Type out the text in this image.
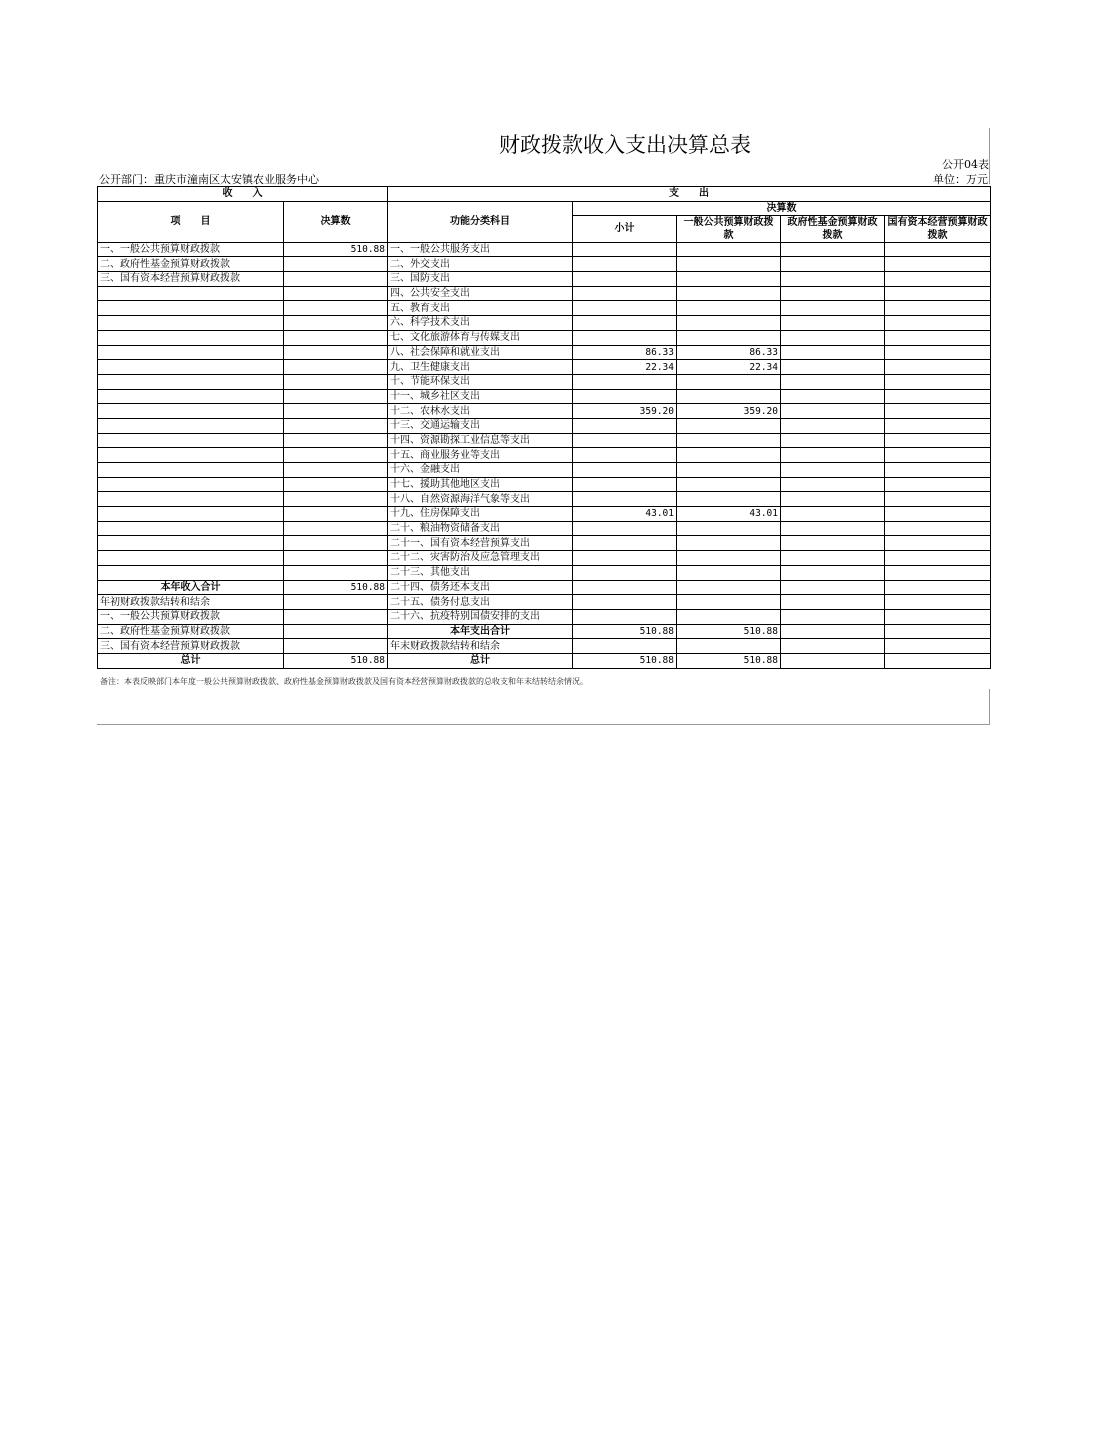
财政拨款收入支出决算总表
公开04表
公开部门：重庆市潼南区太安镇农业服务中心	单位：万元
收　　入		支　　出				
项　　目	决算数	功能分类科目	决算数			
			小计	一般公共预算财政拨款	政府性基金预算财政拨款	国有资本经营预算财政拨款

一、一般公共预算财政拨款	510.88	一、一般公共服务支出				
二、政府性基金预算财政拨款		二、外交支出				
三、国有资本经营预算财政拨款		三、国防支出				
		四、公共安全支出				
		五、教育支出				
		六、科学技术支出				
		七、文化旅游体育与传媒支出				
		八、社会保障和就业支出	86.33	86.33		
		九、卫生健康支出	22.34	22.34		
		十、节能环保支出				
		十一、城乡社区支出				
		十二、农林水支出	359.20	359.20		
		十三、交通运输支出				
		十四、资源勘探工业信息等支出				
		十五、商业服务业等支出				
		十六、金融支出				
		十七、援助其他地区支出				
		十八、自然资源海洋气象等支出				
		十九、住房保障支出	43.01	43.01		
		二十、粮油物资储备支出				
		二十一、国有资本经营预算支出				
		二十二、灾害防治及应急管理支出				
		二十三、其他支出				
本年收入合计	510.88	二十四、债务还本支出				
年初财政拨款结转和结余		二十五、债务付息支出				
一、一般公共预算财政拨款		二十六、抗疫特别国债安排的支出				
二、政府性基金预算财政拨款		本年支出合计	510.88	510.88		
三、国有资本经营预算财政拨款		年末财政拨款结转和结余				
总计	510.88	总计	510.88	510.88		
备注：本表反映部门本年度一般公共预算财政拨款、政府性基金预算财政拨款及国有资本经营预算财政拨款的总收支和年末结转结余情况。
